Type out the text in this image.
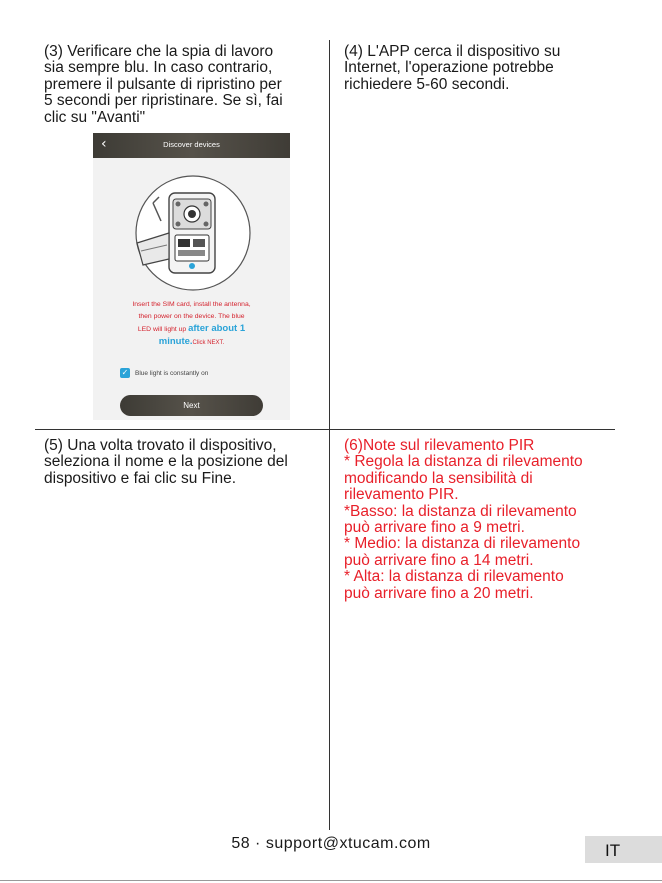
(3) Verificare che la spia di lavoro
sia sempre blu. In caso contrario,
premere il pulsante di ripristino per
5 secondi per ripristinare. Se sì, fai
clic su "Avanti"
(4) L'APP cerca il dispositivo su
Internet, l'operazione potrebbe
richiedere 5-60 secondi.
‹	Discover devices
Insert the SIM card, install the antenna,
then power on the device. The blue
LED will light up after about 1
minute.Click NEXT.
✓ Blue light is constantly on
Next
(5) Una volta trovato il dispositivo,
seleziona il nome e la posizione del
dispositivo e fai clic su Fine.

(6)Note sul rilevamento PIR

* Regola la distanza di rilevamento

modificando la sensibilità di

rilevamento PIR.

*Basso: la distanza di rilevamento

può arrivare fino a 9 metri.

* Medio: la distanza di rilevamento

può arrivare fino a 14 metri.

* Alta: la distanza di rilevamento

può arrivare fino a 20 metri.

58 · support@xtucam.com	IT
